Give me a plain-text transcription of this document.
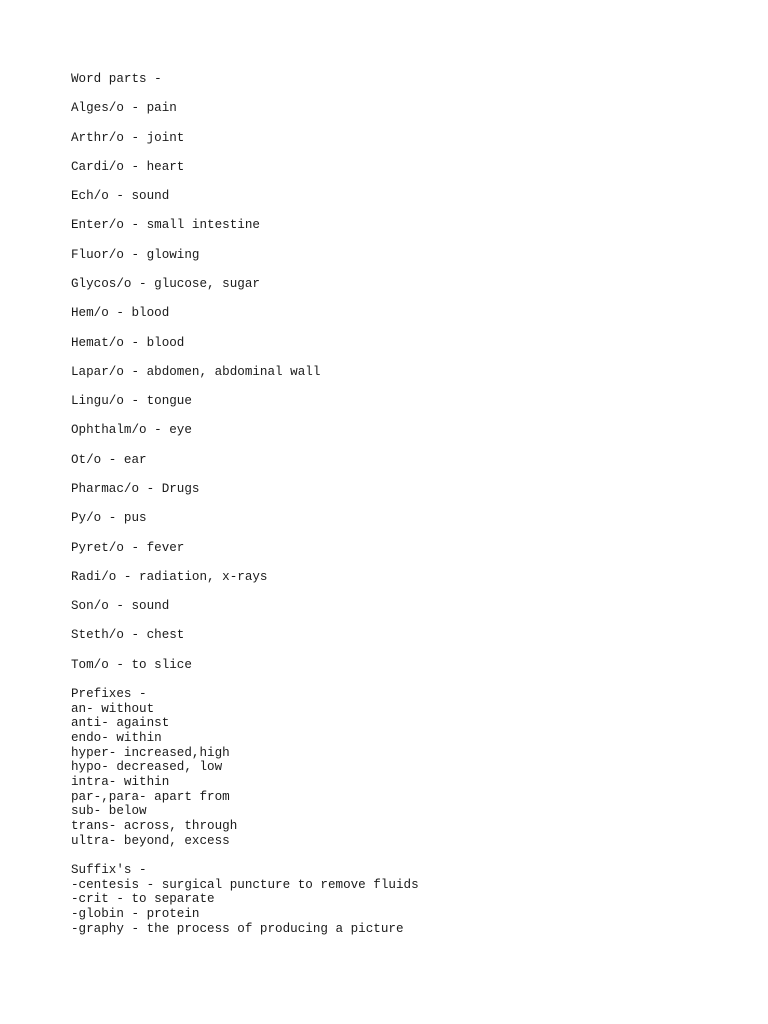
Word parts -

Alges/o - pain

Arthr/o - joint

Cardi/o - heart

Ech/o - sound

Enter/o - small intestine

Fluor/o - glowing

Glycos/o - glucose, sugar

Hem/o - blood

Hemat/o - blood

Lapar/o - abdomen, abdominal wall

Lingu/o - tongue

Ophthalm/o - eye

Ot/o - ear

Pharmac/o - Drugs

Py/o - pus

Pyret/o - fever

Radi/o - radiation, x-rays

Son/o - sound

Steth/o - chest

Tom/o - to slice

Prefixes -

an- without

anti- against

endo- within

hyper- increased,high

hypo- decreased, low

intra- within

par-,para- apart from

sub- below

trans- across, through

ultra- beyond, excess

Suffix's -

-centesis - surgical puncture to remove fluids

-crit - to separate

-globin - protein

-graphy - the process of producing a picture
